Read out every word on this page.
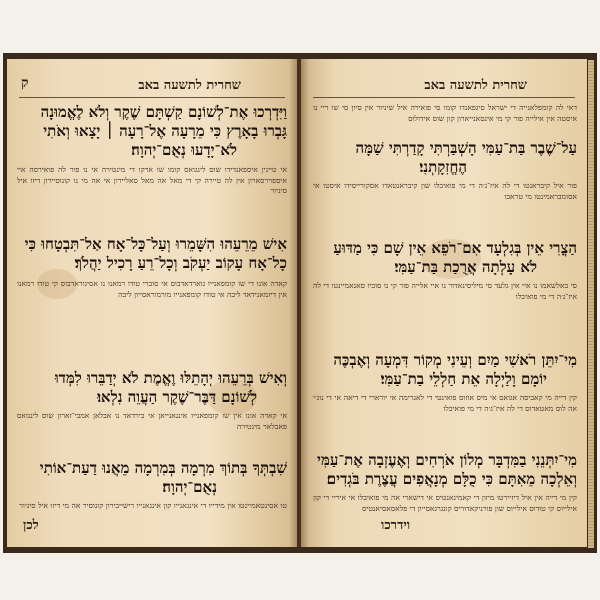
ק	שחרית לתשעה באב
וַיִּדְרְכוּ אֶת־לְשׁוֹנָם קַשְׁתָּם שֶׁקֶר וְלֹא לֶאֱמוּנָה
גָּבְרוּ בָאָרֶץ כִּי מֵרָעָה אֶל־רָעָה ׀ יָצָאוּ וְאֹתִי
לֹא־יָדָעוּ נְאֻם־יְהוָה׃
אי טיינין איספאנדידו שוס לינגואס קומו שו ארקו די מינטירה אי נו פור לה פואירסה איי איספוירסארון אין לה טיירה קי די מאל אה מאל סאליירון אי אה מי נו קונוסיירון דיזו איל סיניור
אִישׁ מֵרֵעֵהוּ הִשָּׁמֵרוּ וְעַל־כָּל־אָח אַל־תִּבְטָחוּ כִּי
כָל־אָח עָקוֹב יַעְקֹב וְכָל־רֵעַ רָכִיל יַהֲלֹךְ׃
קאדה אונו די שו קומפאנייו גוארדאדבוס אי סוברי טודו רמאנו נו אסיגוראדבוס קי טודו רמאנו אין דיזמאנידאד ליבה אי טודו קומפאנייו מורמוראסייון ליבה
וְאִישׁ בְּרֵעֵהוּ יְהָתֵלּוּ וֶאֱמֶת לֹא יְדַבֵּרוּ לִמְּדוּ
לְשׁוֹנָם דַּבֶּר־שֶׁקֶר הַעֲוֵה נִלְאוּ׃
אי קאדה אונו אין שו קומפאנייו אינגאנייאן אי בירדאד נו אבלאן אמבי־זארון שוס לינגואס פאבלאר מינטירה
שִׁבְתְּךָ בְּתוֹךְ מִרְמָה בְּמִרְמָה מֵאֲנוּ דַעַת־אוֹתִי
נְאֻם־יְהוָה׃
טו אסינטאמיינטו אין מידייו די אינגאנייו קון אינגאנייו רישייבירון קונוסיר אה מי דיזו איל סיניור
לכן
שחרית לתשעה באב
דאי לה קומפלאנייה די ישראל סיגפאנדו קומו סי פואירה איל שיניור אין סיון סי שו ריי נו איסטה אין אילייה פור קי מי אינסאנייארון קון שוס אידולוס
עַל־שֶׁבֶר בַּת־עַמִּי הָשְׁבַּרְתִּי קָדַרְתִּי שַׁמָּה
הֶחֱזִקָתְנִי׃
פור איל קיבראנטו די לה איז־ג׳ה די מי פואיבלו שון קיבראנטאדו אסקורייסידו איסטו אי אסומבראמינטו מי טראבו
הַצֳרִי אֵין בְּגִלְעָד אִם־רֹפֵא אֵין שָׁם כִּי מַדּוּעַ
לֹא עָלְתָה אֲרֻכַת בַּת־עַמִּי׃
סי באלשאמו נו איי אין גלעד סי מיליסינאדור נו איי אלייה פור קי נו סוביו סאנאמיינטו די לה איז־ג׳ה די מי פואיבלו
מִי־יִתֵּן רֹאשִׁי מַיִם וְעֵינִי מְקוֹר דִּמְעָה וְאֶבְכֶּה
יוֹמָם וָלַיְלָה אֵת חַלְלֵי בַת־עַמִּי׃
קין דייה מי קאביסה אגואס אי מיס אוזוס פואינטי די לאגרימה אי יורארי די דיאה אי די נוג׳י אה לוס מאטאדוס די לה איז־ג׳ה די מי פואיבלו
מִי־יִתְּנֵנִי בַמִּדְבָּר מְלוֹן אֹרְחִים וְאֶעֶזְבָה אֶת־עַמִּי
וְאֵלְכָה מֵאִתָּם כִּי כֻלָּם מְנָאֲפִים עֲצֶרֶת בֹּגְדִים׃
קין מי דייה אין איל דיזיירטו מיזון די קאמינאנטיס אי דישארי אה מי פואיבלו אי איריי די קון אילייוס קי טודוס אילייוס שון פורניקאדוריס קונגרגאסייון די פלאסאסיאנטיס
וידרכו
